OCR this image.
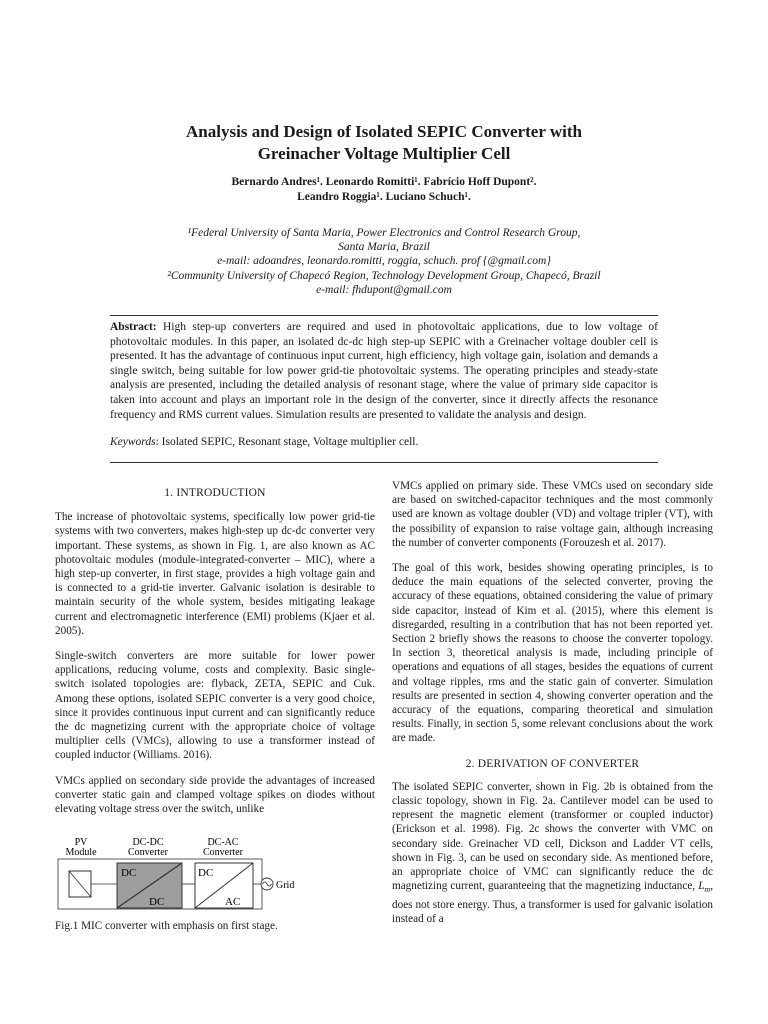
Analysis and Design of Isolated SEPIC Converter with
Greinacher Voltage Multiplier Cell
Bernardo Andres¹. Leonardo Romitti¹. Fabrício Hoff Dupont².
Leandro Roggia¹. Luciano Schuch¹.
¹Federal University of Santa Maria, Power Electronics and Control Research Group,
Santa Maria, Brazil
e-mail: adoandres, leonardo.romitti, roggia, schuch. prof {@gmail.com}
²Community University of Chapecó Region, Technology Development Group, Chapecó, Brazil
e-mail: fhdupont@gmail.com
Abstract: High step-up converters are required and used in photovoltaic applications, due to low voltage of photovoltaic modules. In this paper, an isolated dc-dc high step-up SEPIC with a Greinacher voltage doubler cell is presented. It has the advantage of continuous input current, high efficiency, high voltage gain, isolation and demands a single switch, being suitable for low power grid-tie photovoltaic systems. The operating principles and steady-state analysis are presented, including the detailed analysis of resonant stage, where the value of primary side capacitor is taken into account and plays an important role in the design of the converter, since it directly affects the resonance frequency and RMS current values. Simulation results are presented to validate the analysis and design.
Keywords: Isolated SEPIC, Resonant stage, Voltage multiplier cell.
1. INTRODUCTION

The increase of photovoltaic systems, specifically low power grid-tie systems with two converters, makes high-step up dc-dc converter very important. These systems, as shown in Fig. 1, are also known as AC photovoltaic modules (module-integrated-converter – MIC), where a high step-up converter, in first stage, provides a high voltage gain and is connected to a grid-tie inverter. Galvanic isolation is desirable to maintain security of the whole system, besides mitigating leakage current and electromagnetic interference (EMI) problems (Kjaer et al. 2005).

Single-switch converters are more suitable for lower power applications, reducing volume, costs and complexity. Basic single-switch isolated topologies are: flyback, ZETA, SEPIC and Cuk. Among these options, isolated SEPIC converter is a very good choice, since it provides continuous input current and can significantly reduce the dc magnetizing current with the appropriate choice of voltage multiplier cells (VMCs), allowing to use a transformer instead of coupled inductor (Williams. 2016).

VMCs applied on secondary side provide the advantages of increased converter static gain and clamped voltage spikes on diodes without elevating voltage stress over the switch, unlike

PV
Module
DC-DC
Converter
DC-AC
Converter
DC
DC
DC
AC
Grid
Fig.1 MIC converter with emphasis on first stage.

VMCs applied on primary side. These VMCs used on secondary side are based on switched-capacitor techniques and the most commonly used are known as voltage doubler (VD) and voltage tripler (VT), with the possibility of expansion to raise voltage gain, although increasing the number of converter components (Forouzesh et al. 2017).

The goal of this work, besides showing operating principles, is to deduce the main equations of the selected converter, proving the accuracy of these equations, obtained considering the value of primary side capacitor, instead of Kim et al. (2015), where this element is disregarded, resulting in a contribution that has not been reported yet. Section 2 briefly shows the reasons to choose the converter topology. In section 3, theoretical analysis is made, including principle of operations and equations of all stages, besides the equations of current and voltage ripples, rms and the static gain of converter. Simulation results are presented in section 4, showing converter operation and the accuracy of the equations, comparing theoretical and simulation results. Finally, in section 5, some relevant conclusions about the work are made.

2. DERIVATION OF CONVERTER

The isolated SEPIC converter, shown in Fig. 2b is obtained from the classic topology, shown in Fig. 2a. Cantilever model can be used to represent the magnetic element (transformer or coupled inductor) (Erickson et al. 1998). Fig. 2c shows the converter with VMC on secondary side. Greinacher VD cell, Dickson and Ladder VT cells, shown in Fig. 3, can be used on secondary side. As mentioned before, an appropriate choice of VMC can significantly reduce the dc magnetizing current, guaranteeing that the magnetizing inductance, $L_m$, does not store energy. Thus, a transformer is used for galvanic isolation instead of a
